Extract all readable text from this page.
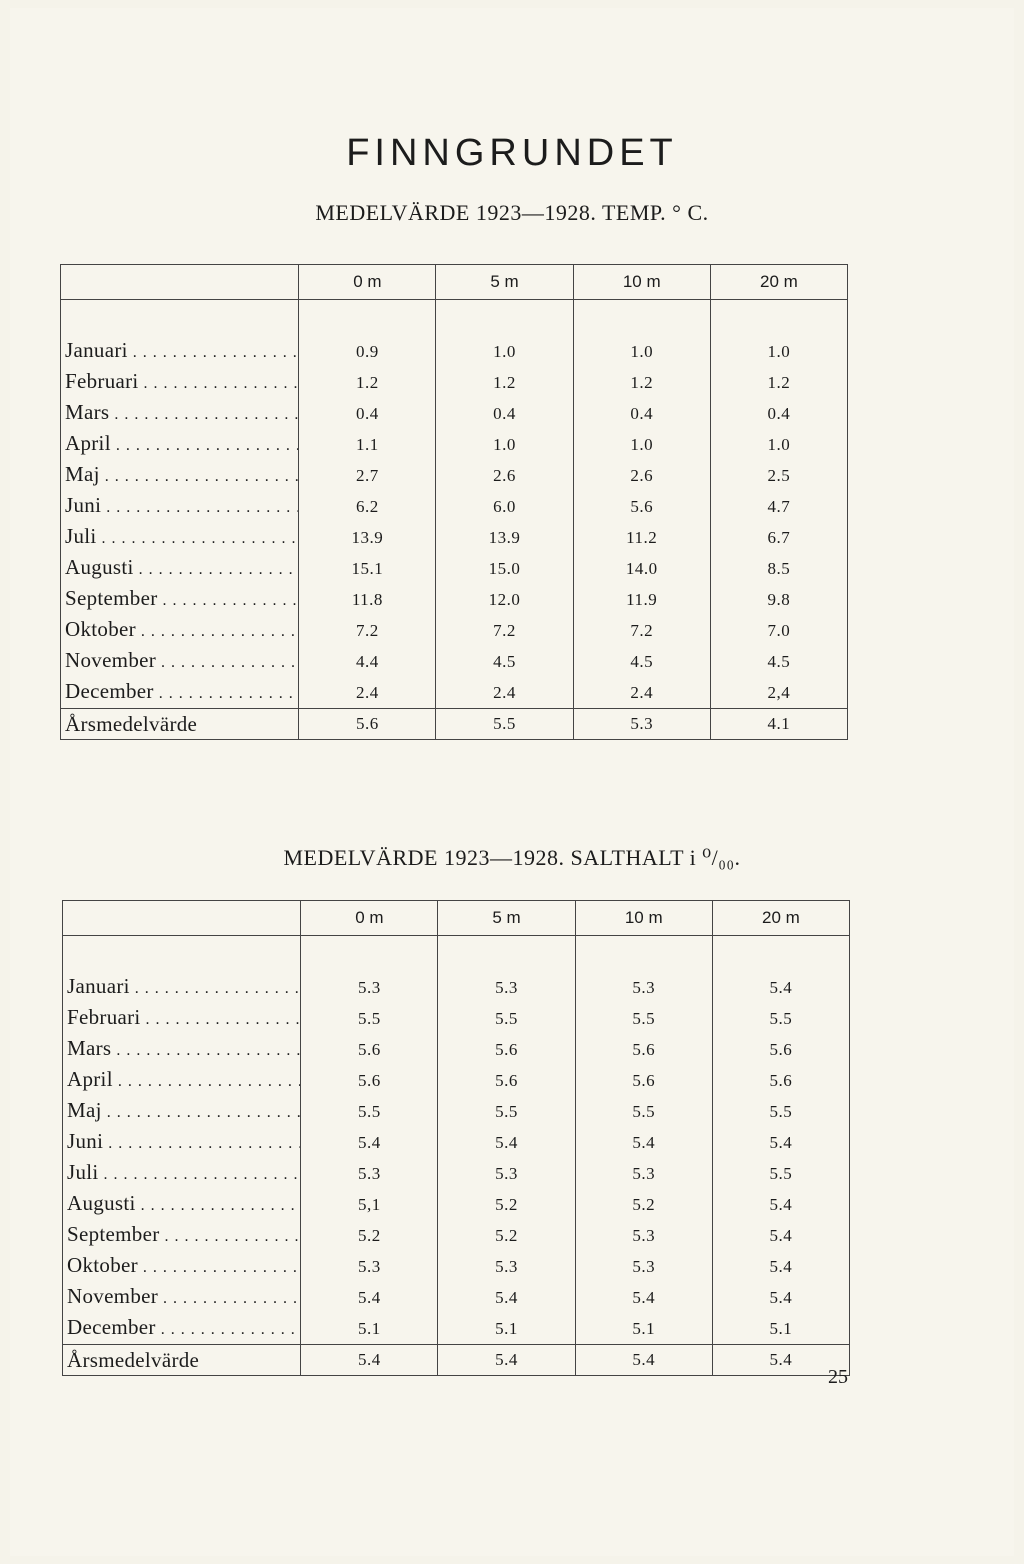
FINNGRUNDET
MEDELVÄRDE 1923—1928. TEMP. ° C.
	0 m	5 m	10 m	20 m

Januari . . .	0.9	1.0	1.0	1.0
Februari . . .	1.2	1.2	1.2	1.2
Mars . . .	0.4	0.4	0.4	0.4
April . . .	1.1	1.0	1.0	1.0
Maj . . .	2.7	2.6	2.6	2.5
Juni . . .	6.2	6.0	5.6	4.7
Juli . . .	13.9	13.9	11.2	6.7
Augusti . . .	15.1	15.0	14.0	8.5
September . . .	11.8	12.0	11.9	9.8
Oktober . . .	7.2	7.2	7.2	7.0
November . . .	4.4	4.5	4.5	4.5
December . . .	2.4	2.4	2.4	2,4
Årsmedelvärde	5.6	5.5	5.3	4.1
MEDELVÄRDE 1923—1928. SALTHALT i ⁰/₀₀.
	0 m	5 m	10 m	20 m

Januari . . .	5.3	5.3	5.3	5.4
Februari . . .	5.5	5.5	5.5	5.5
Mars . . .	5.6	5.6	5.6	5.6
April . . .	5.6	5.6	5.6	5.6
Maj . . .	5.5	5.5	5.5	5.5
Juni . . .	5.4	5.4	5.4	5.4
Juli . . .	5.3	5.3	5.3	5.5
Augusti . . .	5,1	5.2	5.2	5.4
September . . .	5.2	5.2	5.3	5.4
Oktober . . .	5.3	5.3	5.3	5.4
November . . .	5.4	5.4	5.4	5.4
December . . .	5.1	5.1	5.1	5.1
Årsmedelvärde	5.4	5.4	5.4	5.4
25
